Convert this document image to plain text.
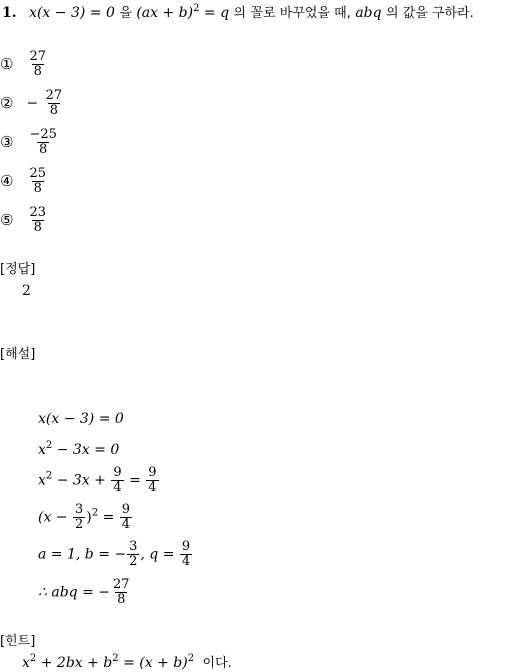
1. x(x − 3) = 0 을 (ax + b)$^2$ = q 의 꼴로 바꾸었을 때, abq 의 값을 구하라.
① $\frac{27}{8}$
② − $\frac{27}{8}$
③ $\frac{-25}{8}$
④ $\frac{25}{8}$
⑤ $\frac{23}{8}$
[정답]
2
[해설]
x(x − 3) = 0
$x^2 - 3x = 0$
$x^2 - 3x + \frac{9}{4} = \frac{9}{4}$
$(x - \frac{3}{2} )^2 = \frac{9}{4}$
a = 1, b = − $\frac{3}{2}$ , $q = \frac{9}{4}$
∴ abq = − $\frac{27}{8}$
[힌트]
$x^2 + 2bx + b^2 = (x + b)^2$ 이다.
